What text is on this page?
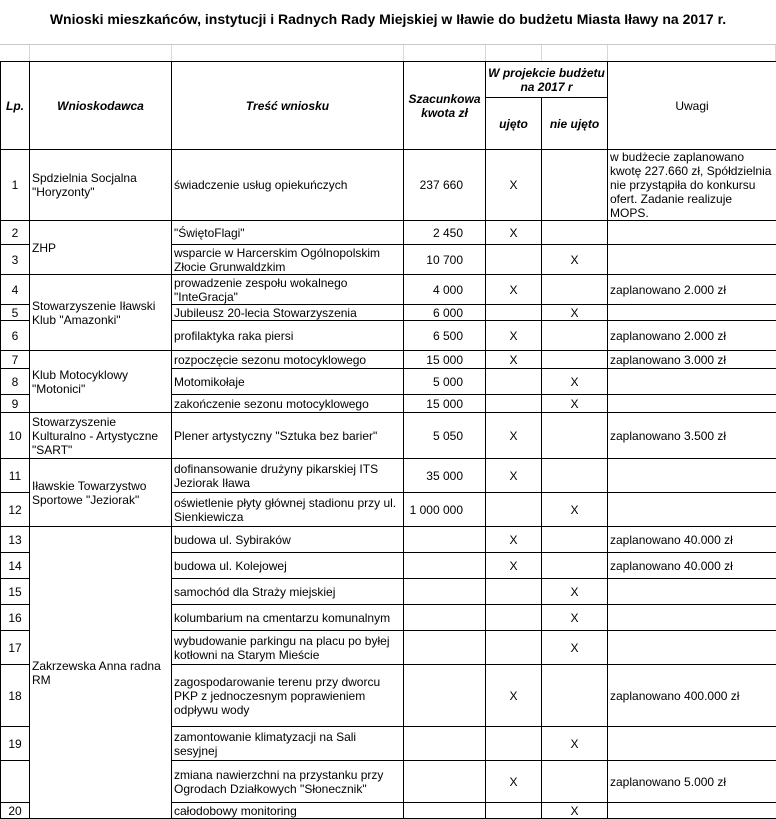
Wnioski mieszkańców, instytucji i Radnych Rady Miejskiej w Iławie do budżetu Miasta Iławy na 2017 r.
Lp.	Wnioskodawca	Treść wniosku	Szacunkowa kwota zł	W projekcie budżetu na 2017 r		Uwagi
				ujęto	nie ujęto	
1	Spdzielnia Socjalna "Horyzonty"	świadczenie usług opiekuńczych	237 660	X		w budżecie zaplanowano kwotę 227.660 zł, Spółdzielnia nie przystąpiła do konkursu ofert. Zadanie realizuje MOPS.
2	ZHP	"ŚwiętoFlagi"	2 450	X		
3		wsparcie w Harcerskim Ogólnopolskim Złocie Grunwaldzkim	10 700		X	
4	Stowarzyszenie Iławski Klub "Amazonki"	prowadzenie zespołu wokalnego "InteGracja"	4 000	X		zaplanowano 2.000 zł
5		Jubileusz 20-lecia Stowarzyszenia	6 000		X	
6		profilaktyka raka piersi	6 500	X		zaplanowano 2.000 zł
7	Klub Motocyklowy "Motonici"	rozpoczęcie sezonu motocyklowego	15 000	X		zaplanowano 3.000 zł
8		Motomikołaje	5 000		X	
9		zakończenie sezonu motocyklowego	15 000		X	
10	Stowarzyszenie Kulturalno - Artystyczne "SART"	Plener artystyczny "Sztuka bez barier"	5 050	X		zaplanowano 3.500 zł
11	Iławskie Towarzystwo Sportowe "Jeziorak"	dofinansowanie drużyny pikarskiej ITS Jeziorak Iława	35 000	X		
12		oświetlenie płyty głównej stadionu przy ul. Sienkiewicza	1 000 000		X	
13	Zakrzewska Anna radna RM	budowa ul. Sybiraków		X		zaplanowano 40.000 zł
14		budowa ul. Kolejowej		X		zaplanowano 40.000 zł
15		samochód dla Straży miejskiej			X	
16		kolumbarium na cmentarzu komunalnym			X	
17		wybudowanie parkingu na placu po byłej kotłowni na Starym Mieście			X	
18		zagospodarowanie terenu przy dworcu PKP z jednoczesnym poprawieniem odpływu wody		X		zaplanowano 400.000 zł
19		zamontowanie klimatyzacji na Sali sesyjnej			X	
		zmiana nawierzchni na przystanku przy Ogrodach Działkowych "Słonecznik"		X		zaplanowano 5.000 zł
20		całodobowy monitoring			X	
